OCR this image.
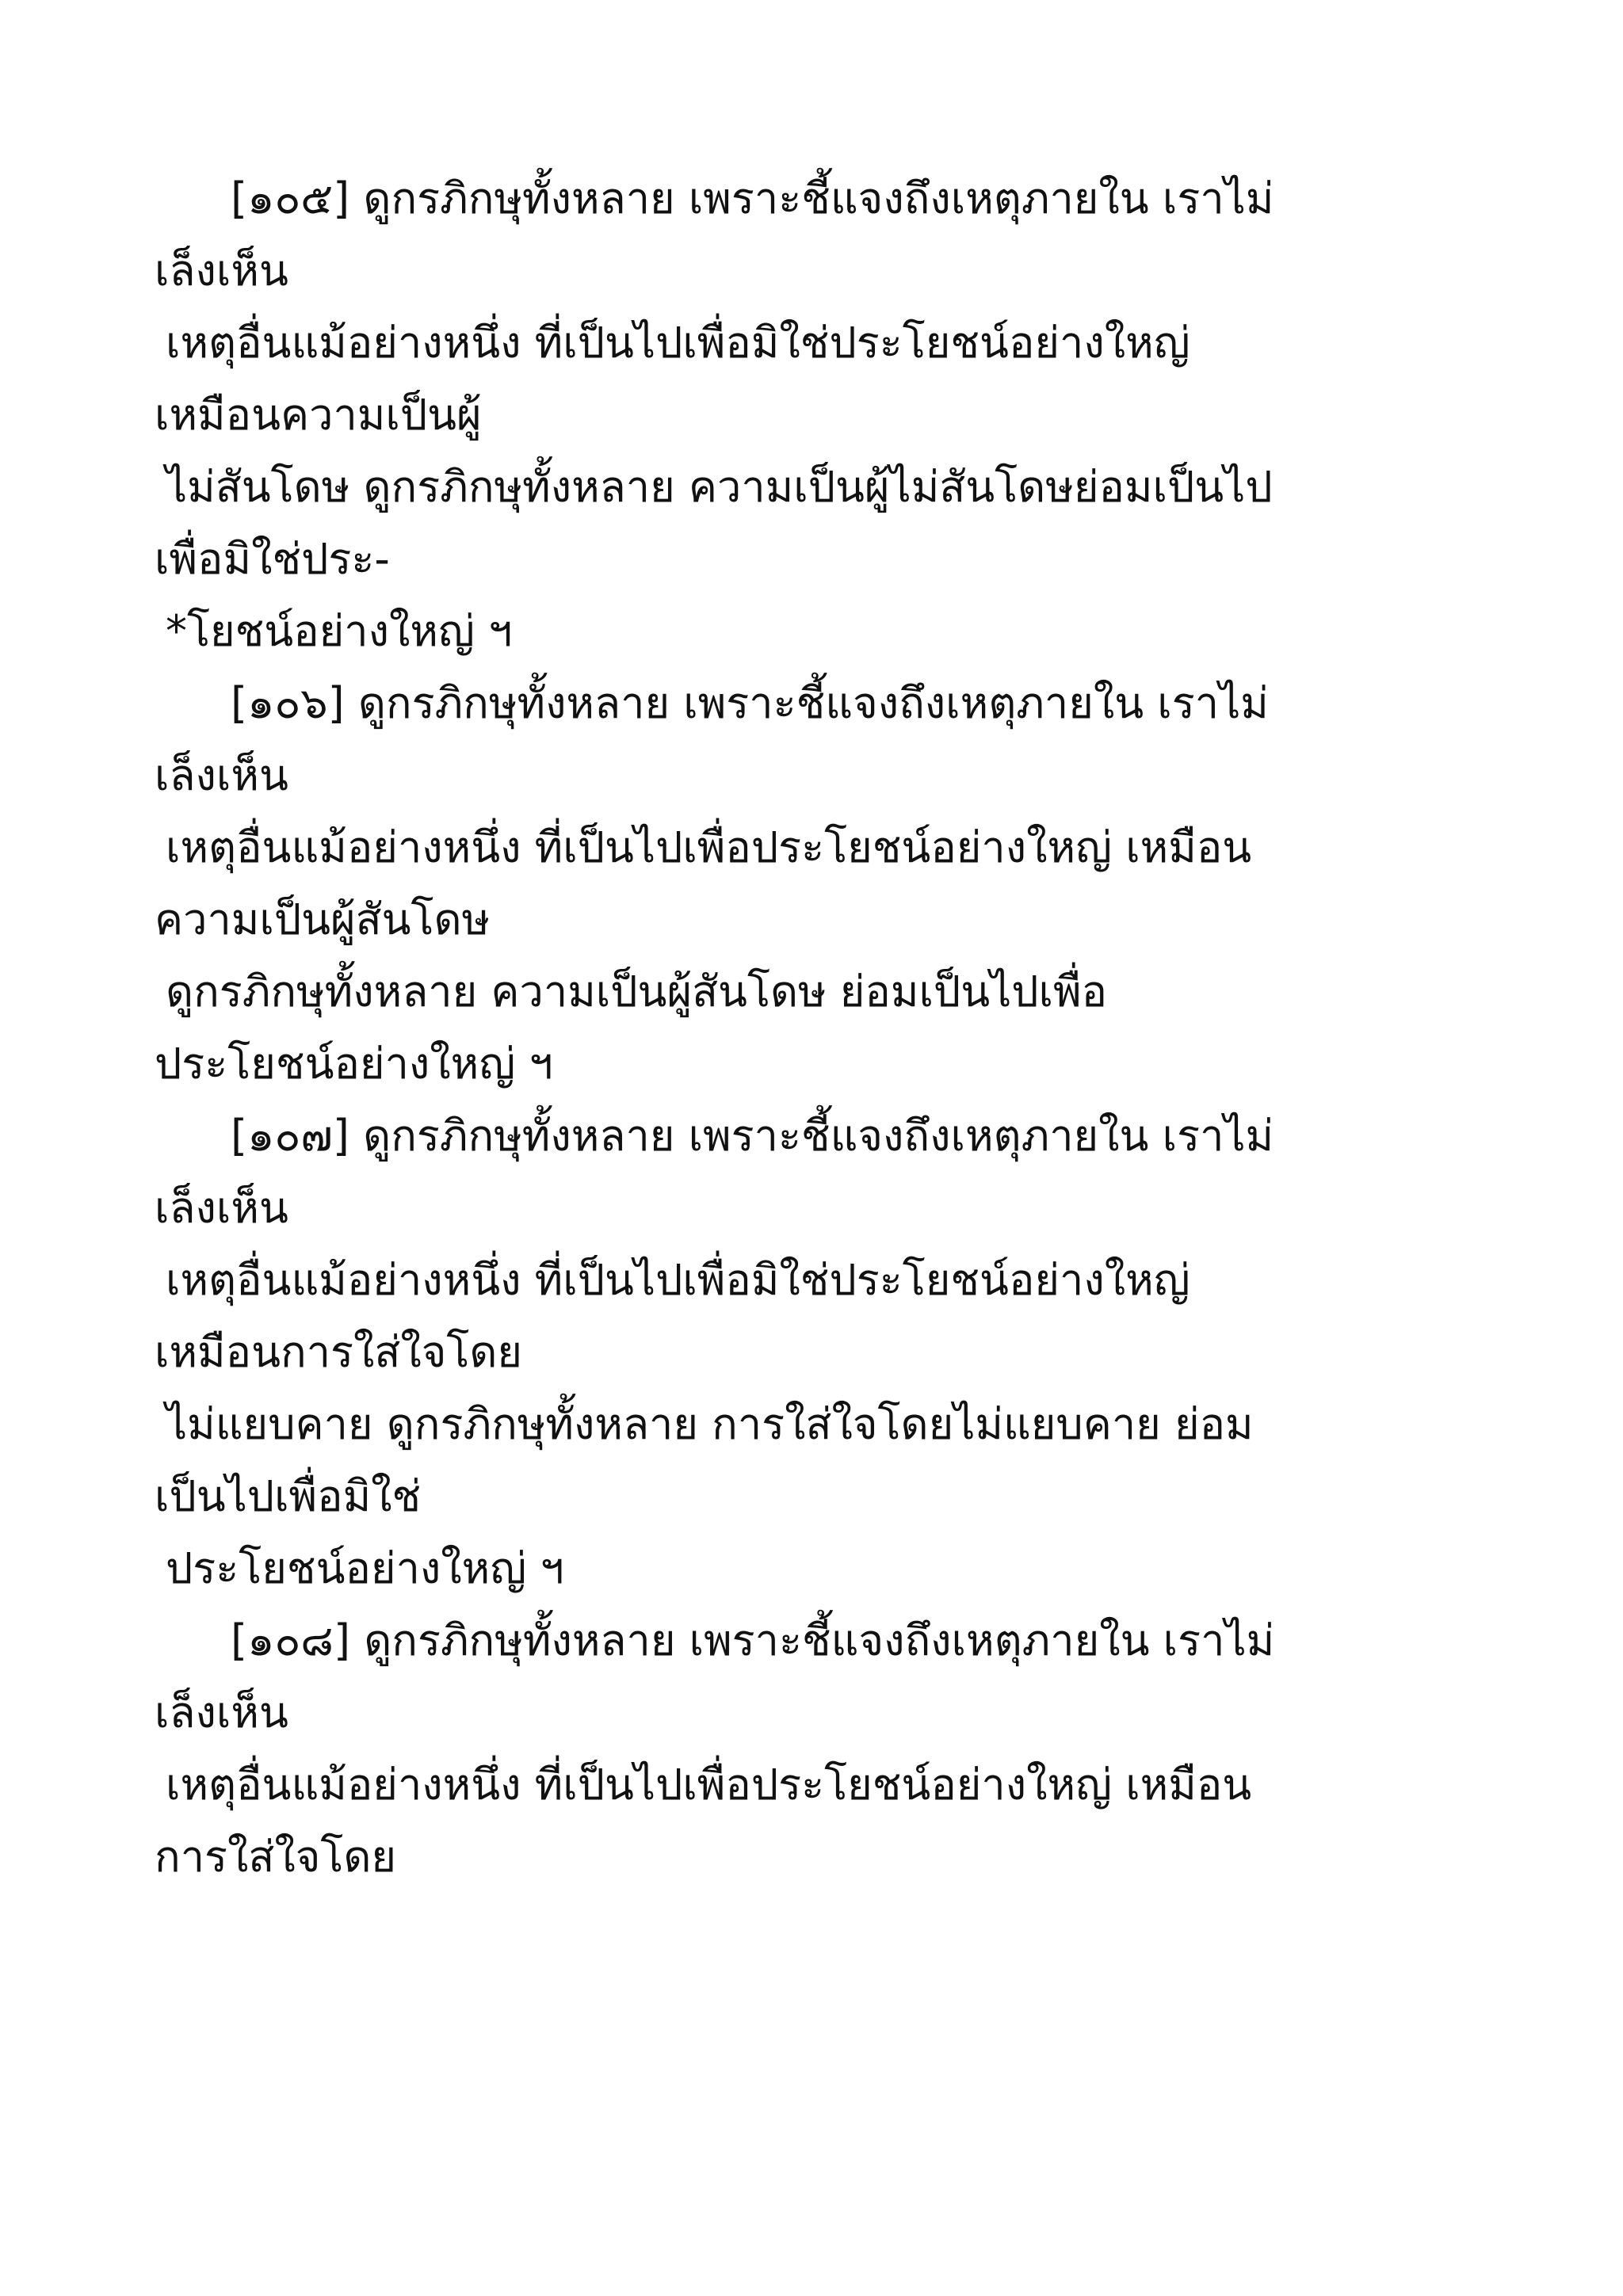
[๑๐๕] ดูกรภิกษุทั้งหลาย เพราะชี้แจงถึงเหตุภายใน เราไม่
เล็งเห็น
เหตุอื่นแม้อย่างหนึ่ง ที่เป็นไปเพื่อมิใช่ประโยชน์อย่างใหญ่
เหมือนความเป็นผู้
ไม่สันโดษ ดูกรภิกษุทั้งหลาย ความเป็นผู้ไม่สันโดษย่อมเป็นไป
เพื่อมิใช่ประ-
*โยชน์อย่างใหญ่ ฯ
[๑๐๖] ดูกรภิกษุทั้งหลาย เพราะชี้แจงถึงเหตุภายใน เราไม่
เล็งเห็น
เหตุอื่นแม้อย่างหนึ่ง ที่เป็นไปเพื่อประโยชน์อย่างใหญ่ เหมือน
ความเป็นผู้สันโดษ
ดูกรภิกษุทั้งหลาย ความเป็นผู้สันโดษ ย่อมเป็นไปเพื่อ
ประโยชน์อย่างใหญ่ ฯ
[๑๐๗] ดูกรภิกษุทั้งหลาย เพราะชี้แจงถึงเหตุภายใน เราไม่
เล็งเห็น
เหตุอื่นแม้อย่างหนึ่ง ที่เป็นไปเพื่อมิใช่ประโยชน์อย่างใหญ่
เหมือนการใส่ใจโดย
ไม่แยบคาย ดูกรภิกษุทั้งหลาย การใส่ใจโดยไม่แยบคาย ย่อม
เป็นไปเพื่อมิใช่
ประโยชน์อย่างใหญ่ ฯ
[๑๐๘] ดูกรภิกษุทั้งหลาย เพราะชี้แจงถึงเหตุภายใน เราไม่
เล็งเห็น
เหตุอื่นแม้อย่างหนึ่ง ที่เป็นไปเพื่อประโยชน์อย่างใหญ่ เหมือน
การใส่ใจโดย
